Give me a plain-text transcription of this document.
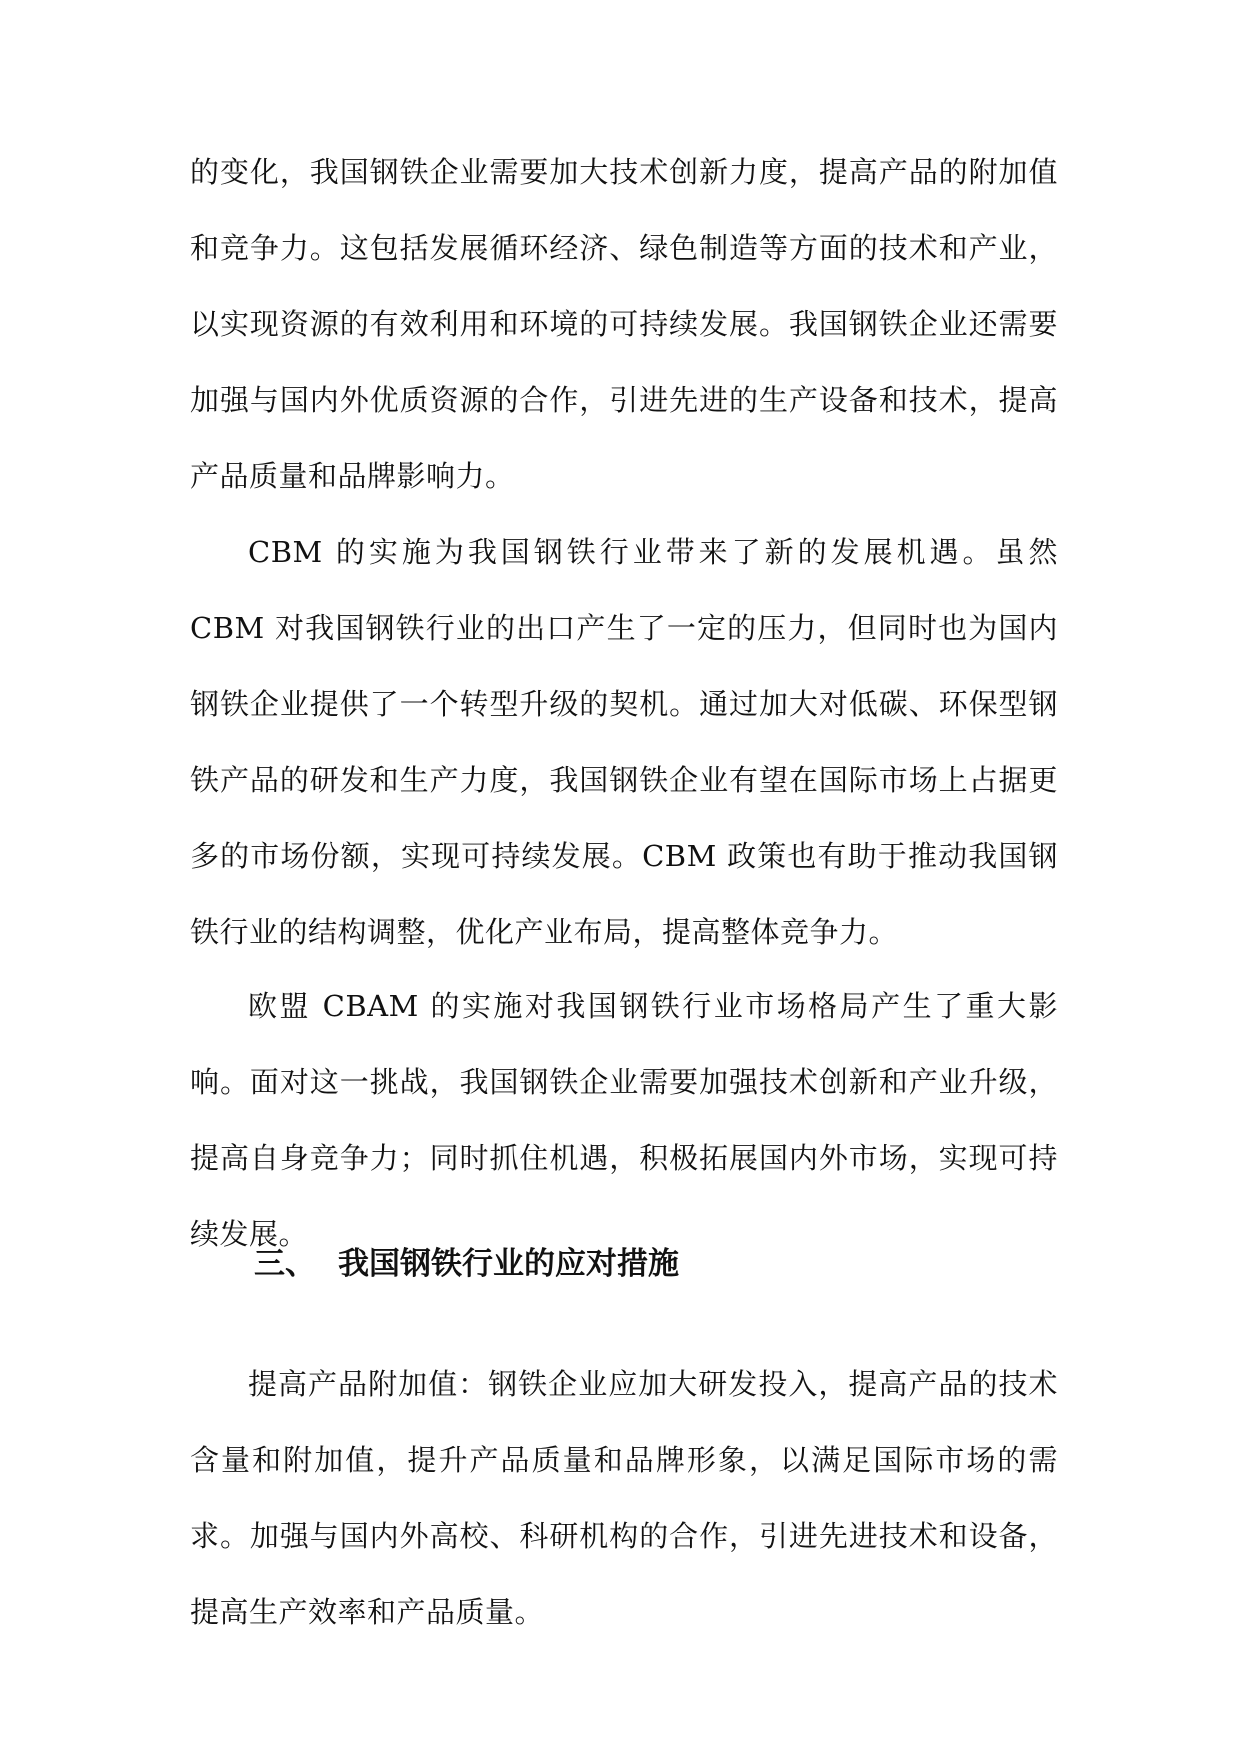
的变化，我国钢铁企业需要加大技术创新力度，提高产品的附加值和竞争力。这包括发展循环经济、绿色制造等方面的技术和产业，以实现资源的有效利用和环境的可持续发展。我国钢铁企业还需要加强与国内外优质资源的合作，引进先进的生产设备和技术，提高产品质量和品牌影响力。

CBM 的实施为我国钢铁行业带来了新的发展机遇。虽然 CBM 对我国钢铁行业的出口产生了一定的压力，但同时也为国内钢铁企业提供了一个转型升级的契机。通过加大对低碳、环保型钢铁产品的研发和生产力度，我国钢铁企业有望在国际市场上占据更多的市场份额，实现可持续发展。CBM 政策也有助于推动我国钢铁行业的结构调整，优化产业布局，提高整体竞争力。

欧盟 CBAM 的实施对我国钢铁行业市场格局产生了重大影响。面对这一挑战，我国钢铁企业需要加强技术创新和产业升级，提高自身竞争力；同时抓住机遇，积极拓展国内外市场，实现可持续发展。

三、 我国钢铁行业的应对措施

提高产品附加值：钢铁企业应加大研发投入，提高产品的技术含量和附加值，提升产品质量和品牌形象，以满足国际市场的需求。加强与国内外高校、科研机构的合作，引进先进技术和设备，提高生产效率和产品质量。
